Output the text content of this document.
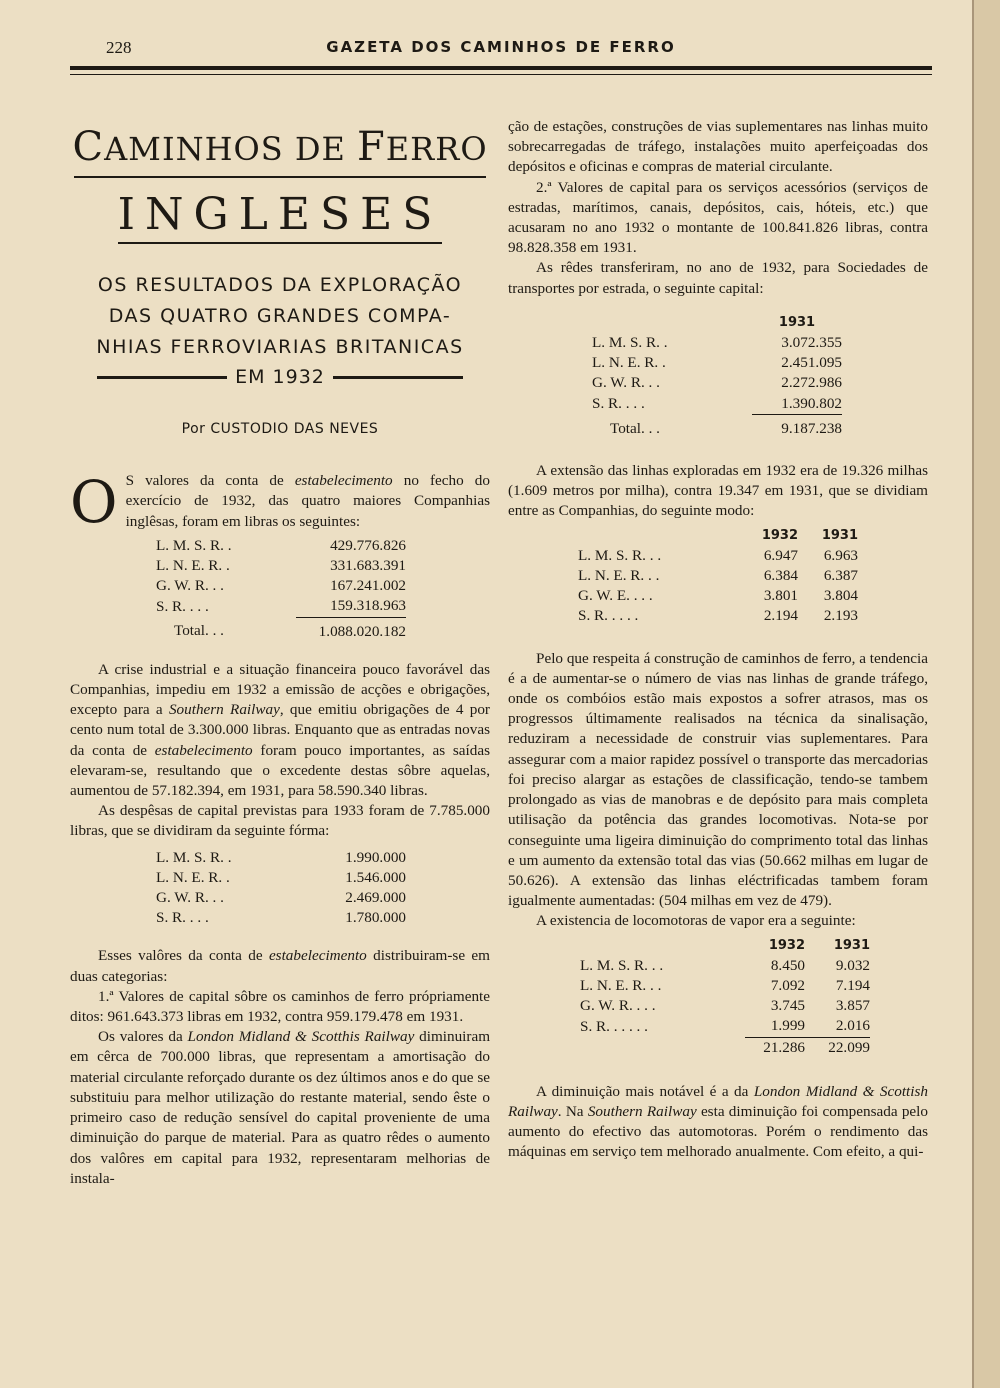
228	GAZETA DOS CAMINHOS DE FERRO
CAMINHOS DE FERRO
INGLESES
OS RESULTADOS DA EXPLORAÇÃO
DAS QUATRO GRANDES COMPA-
NHIAS FERROVIARIAS BRITANICAS
EM 1932
Por CUSTODIO DAS NEVES

O S valores da conta de estabelecimento no fecho do exercício de 1932, das quatro maiores Companhias inglêsas, foram em libras os seguintes:

L. M. S. R. .	429.776.826
L. N. E. R. .	331.683.391
G. W. R. . .	167.241.002
S. R. . . .	159.318.963
Total. . .	1.088.020.182

A crise industrial e a situação financeira pouco favorável das Companhias, impediu em 1932 a emissão de acções e obrigações, excepto para a Southern Railway, que emitiu obrigações de 4 por cento num total de 3.300.000 libras. Enquanto que as entradas novas da conta de estabelecimento foram pouco importantes, as saídas elevaram-se, resultando que o excedente destas sôbre aquelas, aumentou de 57.182.394, em 1931, para 58.590.340 libras.

As despêsas de capital previstas para 1933 foram de 7.785.000 libras, que se dividiram da seguinte fórma:

L. M. S. R. .	1.990.000
L. N. E. R. .	1.546.000
G. W. R. . .	2.469.000
S. R. . . .	1.780.000

Esses valôres da conta de estabelecimento distribuiram-se em duas categorias:

1.ª Valores de capital sôbre os caminhos de ferro própriamente ditos: 961.643.373 libras em 1932, contra 959.179.478 em 1931.

Os valores da London Midland & Scotthis Railway diminuiram em cêrca de 700.000 libras, que representam a amortisação do material circulante reforçado durante os dez últimos anos e do que se substituiu para melhor utilização do restante material, sendo êste o primeiro caso de redução sensível do capital proveniente de uma diminuição do parque de material. Para as quatro rêdes o aumento dos valôres em capital para 1932, representaram melhorias de instala-

ção de estações, construções de vias suplementares nas linhas muito sobrecarregadas de tráfego, instalações muito aperfeiçoadas dos depósitos e oficinas e compras de material circulante.

2.ª Valores de capital para os serviços acessórios (serviços de estradas, marítimos, canais, depósitos, cais, hóteis, etc.) que acusaram no ano 1932 o montante de 100.841.826 libras, contra 98.828.358 em 1931.

As rêdes transferiram, no ano de 1932, para Sociedades de transportes por estrada, o seguinte capital:

	1931
L. M. S. R. .	3.072.355
L. N. E. R. .	2.451.095
G. W. R. . .	2.272.986
S. R. . . .	1.390.802
Total. . .	9.187.238

A extensão das linhas exploradas em 1932 era de 19.326 milhas (1.609 metros por milha), contra 19.347 em 1931, que se dividiam entre as Companhias, do seguinte modo:

	1932	1931
L. M. S. R. . .	6.947	6.963
L. N. E. R. . .	6.384	6.387
G. W. E. . . .	3.801	3.804
S. R. . . . .	2.194	2.193

Pelo que respeita á construção de caminhos de ferro, a tendencia é a de aumentar-se o número de vias nas linhas de grande tráfego, onde os combóios estão mais expostos a sofrer atrasos, mas os progressos últimamente realisados na técnica da sinalisação, reduziram a necessidade de construir vias suplementares. Para assegurar com a maior rapidez possível o transporte das mercadorias foi preciso alargar as estações de classificação, tendo-se tambem prolongado as vias de manobras e de depósito para mais completa utilisação da potência das grandes locomotivas. Nota-se por conseguinte uma ligeira diminuição do comprimento total das linhas e um aumento da extensão total das vias (50.662 milhas em lugar de 50.626). A extensão das linhas eléctrificadas tambem foram igualmente aumentadas: (504 milhas em vez de 479).

A existencia de locomotoras de vapor era a seguinte:

	1932	1931
L. M. S. R. . .	8.450	9.032
L. N. E. R. . .	7.092	7.194
G. W. R. . . .	3.745	3.857
S. R. . . . . .	1.999	2.016
	21.286	22.099

A diminuição mais notável é a da London Midland & Scottish Railway. Na Southern Railway esta diminuição foi compensada pelo aumento do efectivo das automotoras. Porém o rendimento das máquinas em serviço tem melhorado anualmente. Com efeito, a qui-
